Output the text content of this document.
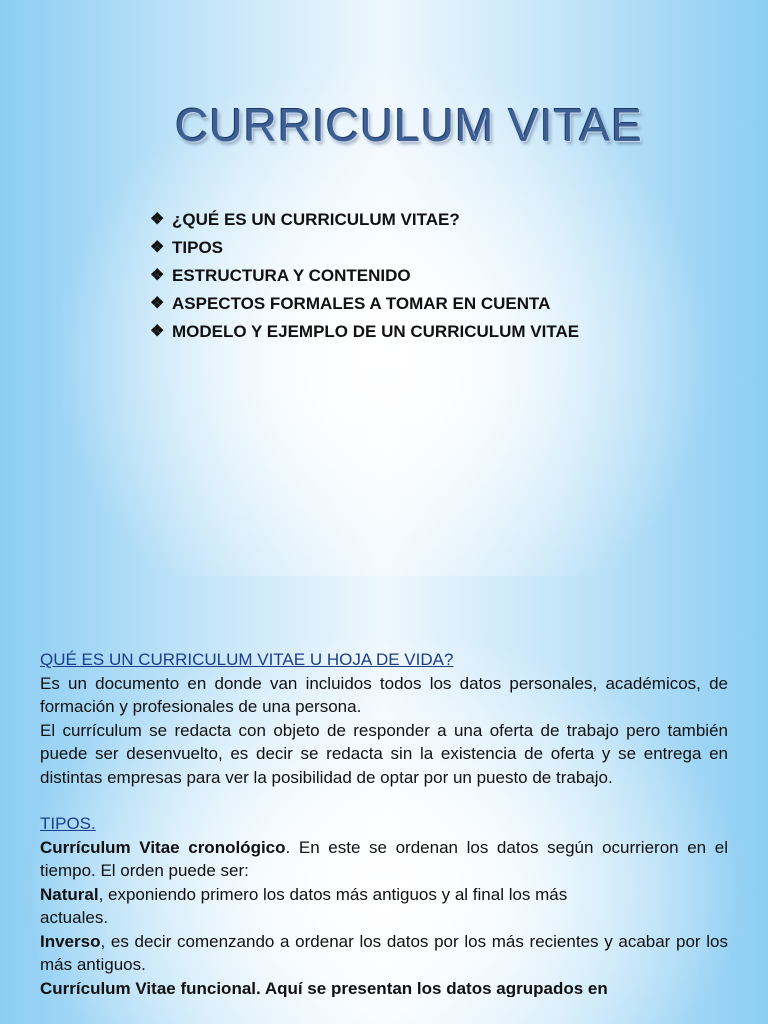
CURRICULUM VITAE
❖ ¿QUÉ ES UN CURRICULUM VITAE?
❖ TIPOS
❖ ESTRUCTURA Y CONTENIDO
❖ ASPECTOS FORMALES A TOMAR EN CUENTA
❖ MODELO Y EJEMPLO DE UN CURRICULUM VITAE
QUÉ ES UN CURRICULUM VITAE U HOJA DE VIDA?

Es un documento en donde van incluidos todos los datos personales, académicos, de formación y profesionales de una persona.

El currículum se redacta con objeto de responder a una oferta de trabajo pero también puede ser desenvuelto, es decir se redacta sin la existencia de oferta y se entrega en distintas empresas para ver la posibilidad de optar por un puesto de trabajo.

TIPOS.

Currículum Vitae cronológico. En este se ordenan los datos según ocurrieron en el tiempo. El orden puede ser:

Natural, exponiendo primero los datos más antiguos y al final los más

actuales.

Inverso, es decir comenzando a ordenar los datos por los más recientes y acabar por los más antiguos.

Currículum Vitae funcional. Aquí se presentan los datos agrupados en
